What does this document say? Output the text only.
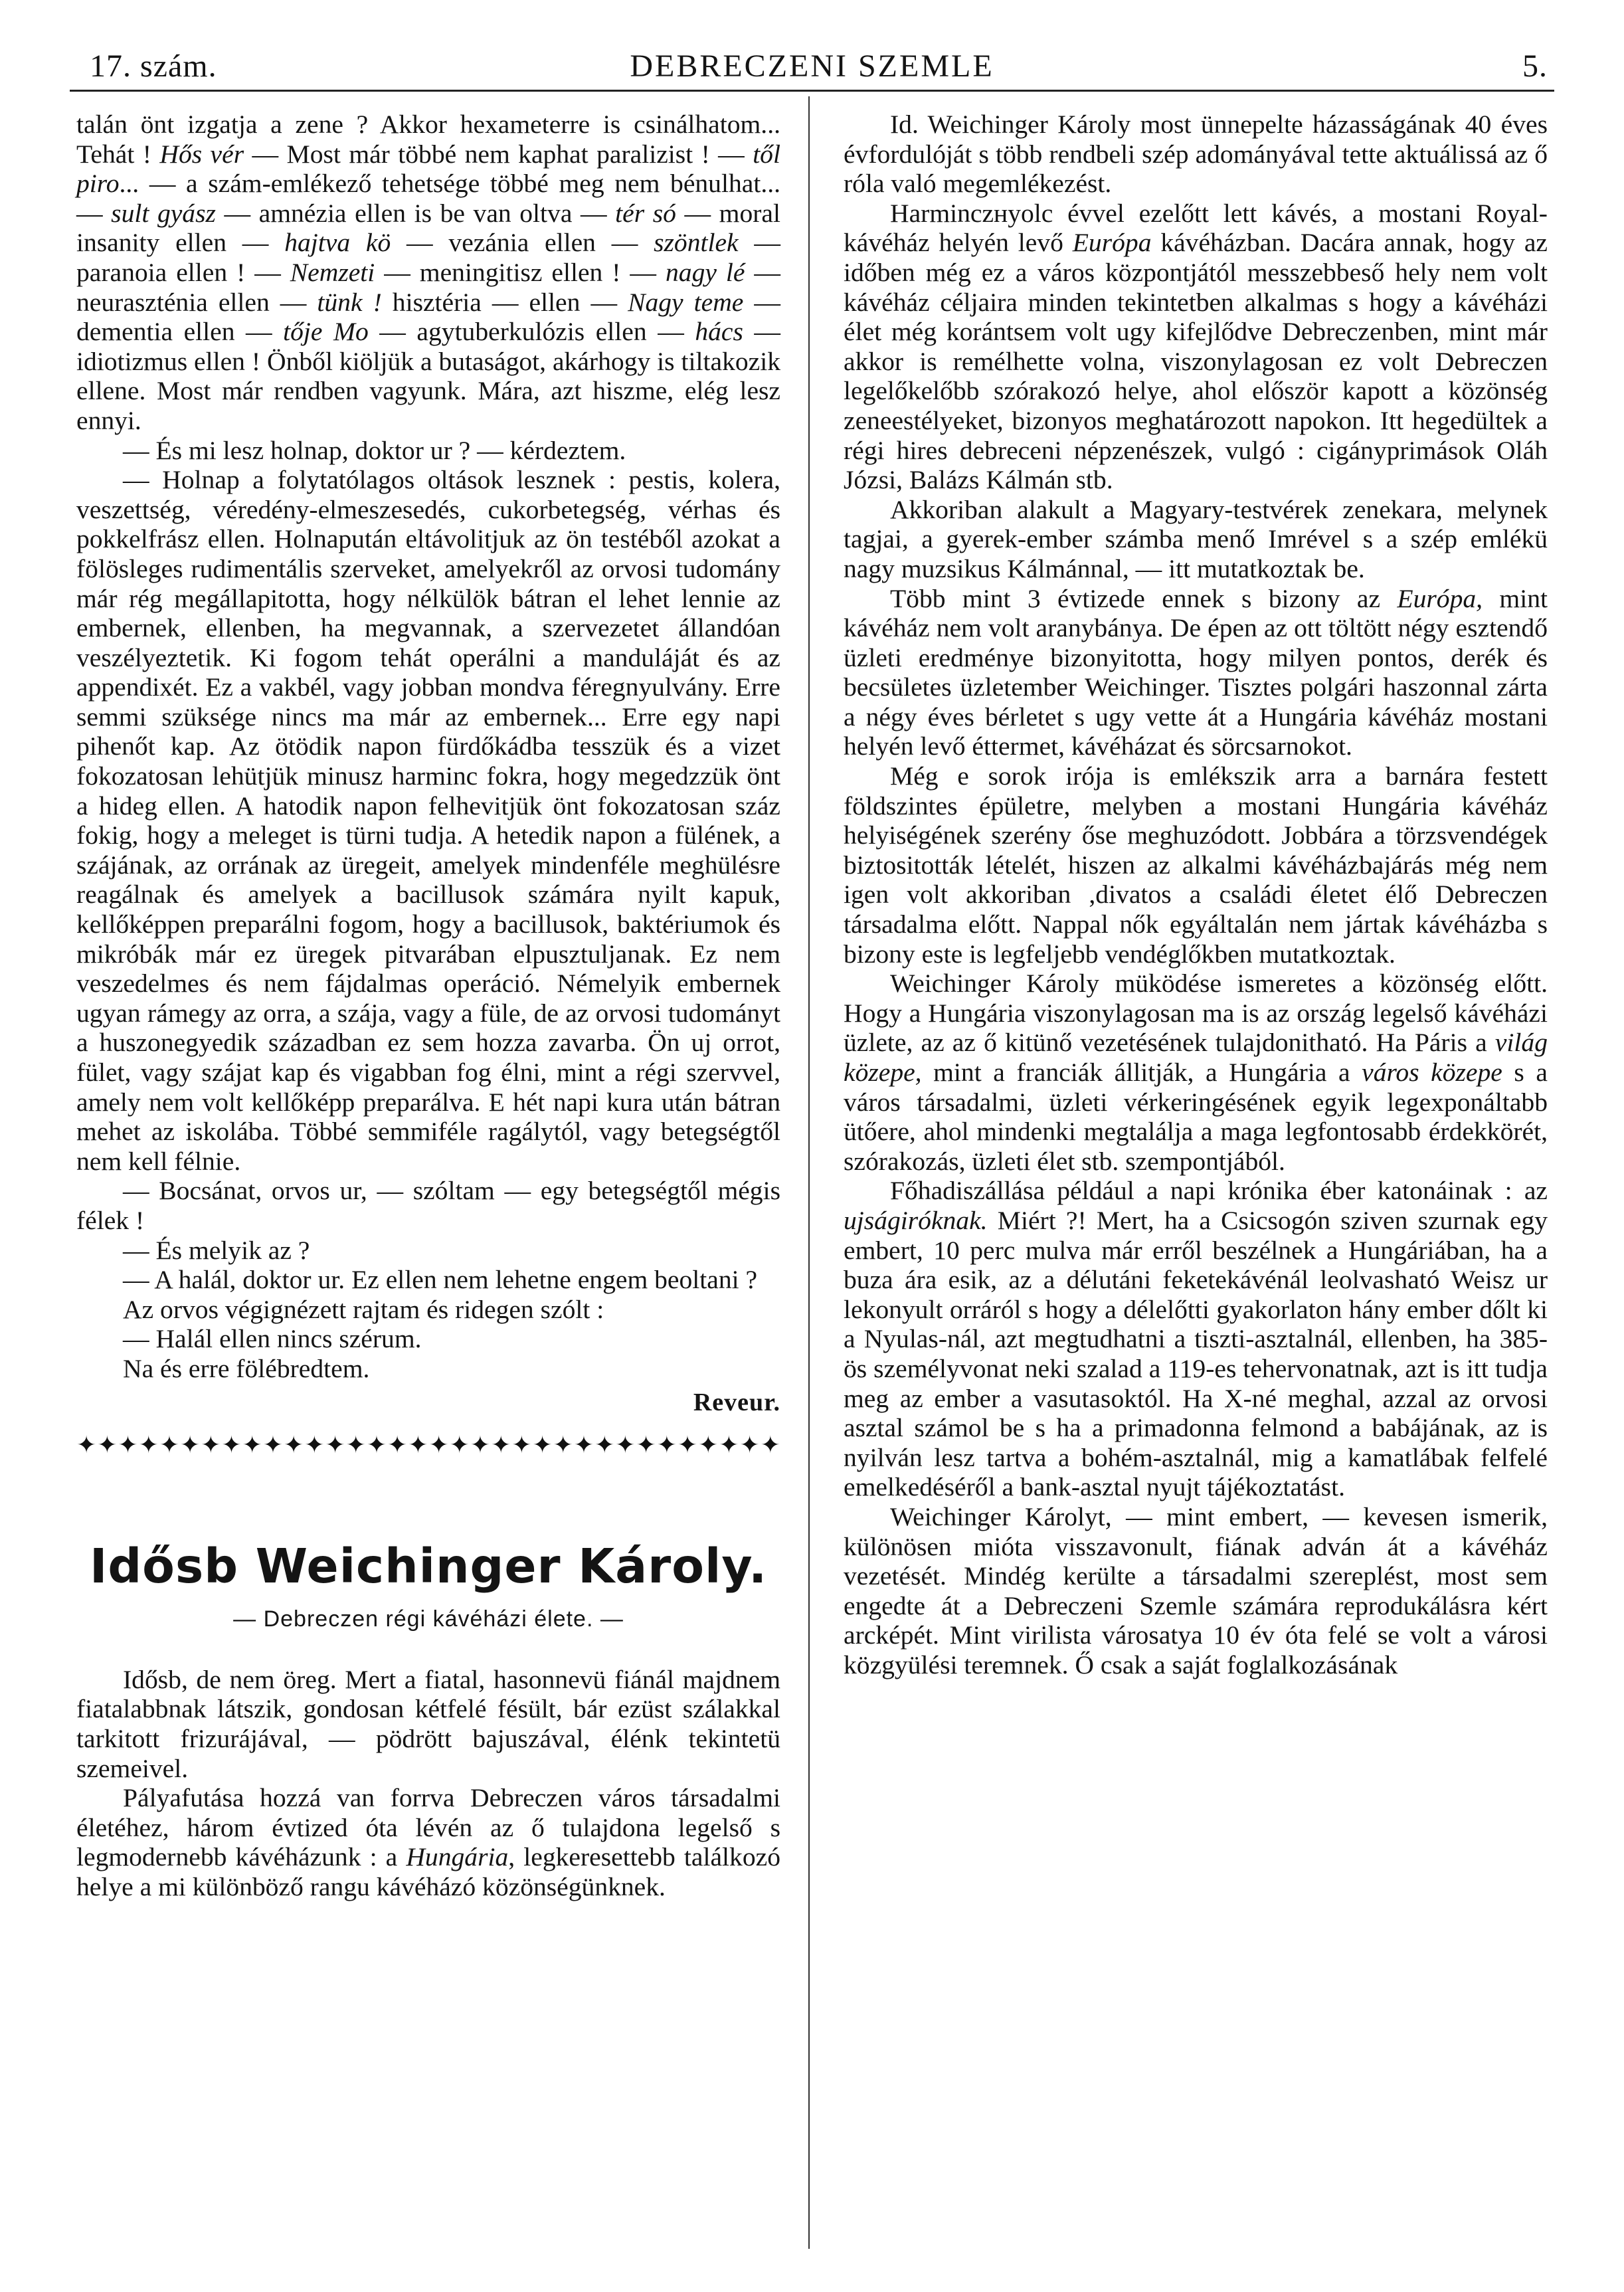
17. szám.	DEBRECZENI SZEMLE	5.

talán önt izgatja a zene ? Akkor hexameterre is csinálhatom... Tehát ! Hős vér — Most már többé nem kaphat paralizist ! — től piro... — a szám-emlékező tehetsége többé meg nem bénulhat... — sult gyász — amnézia ellen is be van oltva — tér só — moral insanity ellen — hajtva kö — vezánia ellen — szöntlek — paranoia ellen ! — Nemzeti — meningitisz ellen ! — nagy lé — neuraszténia ellen — tünk ! hisztéria — ellen — Nagy teme — dementia ellen — tője Mo — agytuberkulózis ellen — hács — idiotizmus ellen ! Önből kiöljük a butaságot, akárhogy is tiltakozik ellene. Most már rendben vagyunk. Mára, azt hiszme, elég lesz ennyi.

— És mi lesz holnap, doktor ur ? — kérdeztem.

— Holnap a folytatólagos oltások lesznek : pestis, kolera, veszettség, véredény-elmeszesedés, cukorbetegség, vérhas és pokkelfrász ellen. Holnapután eltávolitjuk az ön testéből azokat a fölösleges rudimentális szerveket, amelyekről az orvosi tudomány már rég megállapitotta, hogy nélkülök bátran el lehet lennie az embernek, ellenben, ha megvannak, a szervezetet állandóan veszélyeztetik. Ki fogom tehát operálni a manduláját és az appendixét. Ez a vakbél, vagy jobban mondva féregnyulvány. Erre semmi szüksége nincs ma már az embernek... Erre egy napi pihenőt kap. Az ötödik napon fürdőkádba tesszük és a vizet fokozatosan lehütjük minusz harminc fokra, hogy megedzzük önt a hideg ellen. A hatodik napon felhevitjük önt fokozatosan száz fokig, hogy a meleget is türni tudja. A hetedik napon a fülének, a szájának, az orrának az üregeit, amelyek mindenféle meghülésre reagálnak és amelyek a bacillusok számára nyilt kapuk, kellőképpen preparálni fogom, hogy a bacillusok, baktériumok és mikróbák már ez üregek pitvarában elpusztuljanak. Ez nem veszedelmes és nem fájdalmas operáció. Némelyik embernek ugyan rámegy az orra, a szája, vagy a füle, de az orvosi tudományt a huszonegyedik században ez sem hozza zavarba. Ön uj orrot, fület, vagy szájat kap és vigabban fog élni, mint a régi szervvel, amely nem volt kellőképp preparálva. E hét napi kura után bátran mehet az iskolába. Többé semmiféle ragálytól, vagy betegségtől nem kell félnie.

— Bocsánat, orvos ur, — szóltam — egy betegségtől mégis félek !

— És melyik az ?

— A halál, doktor ur. Ez ellen nem lehetne engem beoltani ?

Az orvos végignézett rajtam és ridegen szólt :

— Halál ellen nincs szérum.

Na és erre fölébredtem.

Reveur.
✦ ✦ ✦ ✦ ✦ ✦ ✦ ✦ ✦ ✦ ✦ ✦ ✦ ✦ ✦ ✦ ✦ ✦ ✦ ✦ ✦ ✦ ✦ ✦ ✦ ✦ ✦ ✦ ✦ ✦ ✦ ✦ ✦ ✦
Idősb Weichinger Károly.
— Debreczen régi kávéházi élete. —

Idősb, de nem öreg. Mert a fiatal, hasonnevü fiánál majdnem fiatalabbnak látszik, gondosan kétfelé fésült, bár ezüst szálakkal tarkitott frizurájával, — pödrött bajuszával, élénk tekintetü szemeivel.

Pályafutása hozzá van forrva Debreczen város társadalmi életéhez, három évtized óta lévén az ő tulajdona legelső s legmodernebb kávéházunk : a Hungária, legkeresettebb találkozó helye a mi különböző rangu kávéházó közönségünknek.

Id. Weichinger Károly most ünnepelte házasságának 40 éves évfordulóját s több rendbeli szép adományával tette aktuálissá az ő róla való megemlékezést.

Harminczнyolc évvel ezelőtt lett kávés, a mostani Royal-kávéház helyén levő Európa kávéházban. Dacára annak, hogy az időben még ez a város központjától messzebbeső hely nem volt kávéház céljaira minden tekintetben alkalmas s hogy a kávéházi élet még korántsem volt ugy kifejlődve Debreczenben, mint már akkor is remélhette volna, viszonylagosan ez volt Debreczen legelőkelőbb szórakozó helye, ahol először kapott a közönség zeneestélyeket, bizonyos meghatározott napokon. Itt hegedültek a régi hires debreceni népzenészek, vulgó : cigányprimások Oláh Józsi, Balázs Kálmán stb.

Akkoriban alakult a Magyary-testvérek zenekara, melynek tagjai, a gyerek-ember számba menő Imrével s a szép emlékü nagy muzsikus Kálmánnal, — itt mutatkoztak be.

Több mint 3 évtizede ennek s bizony az Európa, mint kávéház nem volt aranybánya. De épen az ott töltött négy esztendő üzleti eredménye bizonyitotta, hogy milyen pontos, derék és becsületes üzletember Weichinger. Tisztes polgári haszonnal zárta a négy éves bérletet s ugy vette át a Hungária kávéház mostani helyén levő éttermet, kávéházat és sörcsarnokot.

Még e sorok irója is emlékszik arra a barnára festett földszintes épületre, melyben a mostani Hungária kávéház helyiségének szerény őse meghuzódott. Jobbára a törzsvendégek biztositották lételét, hiszen az alkalmi kávéházbajárás még nem igen volt akkoriban ,divatos a családi életet élő Debreczen társadalma előtt. Nappal nők egyáltalán nem jártak kávéházba s bizony este is legfeljebb vendéglőkben mutatkoztak.

Weichinger Károly müködése ismeretes a közönség előtt. Hogy a Hungária viszonylagosan ma is az ország legelső kávéházi üzlete, az az ő kitünő vezetésének tulajdonitható. Ha Páris a világ közepe, mint a franciák állitják, a Hungária a város közepe s a város társadalmi, üzleti vérkeringésének egyik legexponáltabb ütőere, ahol mindenki megtalálja a maga legfontosabb érdekkörét, szórakozás, üzleti élet stb. szempontjából.

Főhadiszállása például a napi krónika éber katonáinak : az ujságiróknak. Miért ?! Mert, ha a Csicsogón sziven szurnak egy embert, 10 perc mulva már erről beszélnek a Hungáriában, ha a buza ára esik, az a délutáni feketekávénál leolvasható Weisz ur lekonyult orráról s hogy a délelőtti gyakorlaton hány ember dőlt ki a Nyulas-nál, azt megtudhatni a tiszti-asztalnál, ellenben, ha 385-ös személyvonat neki szalad a 119-es tehervonatnak, azt is itt tudja meg az ember a vasutasoktól. Ha X-né meghal, azzal az orvosi asztal számol be s ha a primadonna felmond a babájának, az is nyilván lesz tartva a bohém-asztalnál, mig a kamatlábak felfelé emelkedéséről a bank-asztal nyujt tájékoztatást.

Weichinger Károlyt, — mint embert, — kevesen ismerik, különösen mióta visszavonult, fiának adván át a kávéház vezetését. Mindég kerülte a társadalmi szereplést, most sem engedte át a Debreczeni Szemle számára reprodukálásra kért arcképét. Mint virilista városatya 10 év óta felé se volt a városi közgyülési teremnek. Ő csak a saját foglalkozásának
